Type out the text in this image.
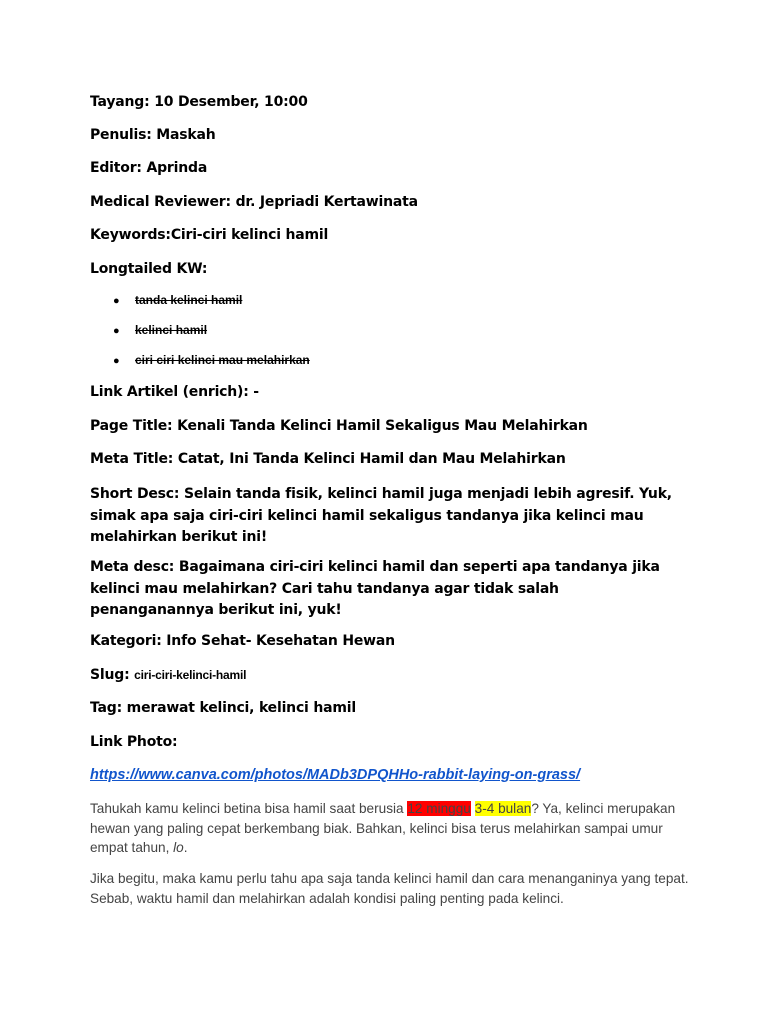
Tayang: 10 Desember, 10:00
Penulis: Maskah
Editor: Aprinda
Medical Reviewer: dr. Jepriadi Kertawinata
Keywords:Ciri-ciri kelinci hamil
Longtailed KW:
● tanda kelinci hamil
● kelinci hamil
● ciri ciri kelinci mau melahirkan
Link Artikel (enrich): -
Page Title: Kenali Tanda Kelinci Hamil Sekaligus Mau Melahirkan
Meta Title: Catat, Ini Tanda Kelinci Hamil dan Mau Melahirkan
Short Desc: Selain tanda fisik, kelinci hamil juga menjadi lebih agresif. Yuk, simak apa saja ciri-ciri kelinci hamil sekaligus tandanya jika kelinci mau melahirkan berikut ini!
Meta desc: Bagaimana ciri-ciri kelinci hamil dan seperti apa tandanya jika kelinci mau melahirkan? Cari tahu tandanya agar tidak salah penanganannya berikut ini, yuk!
Kategori: Info Sehat- Kesehatan Hewan
Slug: ciri-ciri-kelinci-hamil
Tag: merawat kelinci, kelinci hamil
Link Photo:
https://www.canva.com/photos/MADb3DPQHHo-rabbit-laying-on-grass/
Tahukah kamu kelinci betina bisa hamil saat berusia 12 minggu 3-4 bulan? Ya, kelinci merupakan hewan yang paling cepat berkembang biak. Bahkan, kelinci bisa terus melahirkan sampai umur empat tahun, lo.
Jika begitu, maka kamu perlu tahu apa saja tanda kelinci hamil dan cara menanganinya yang tepat. Sebab, waktu hamil dan melahirkan adalah kondisi paling penting pada kelinci.
